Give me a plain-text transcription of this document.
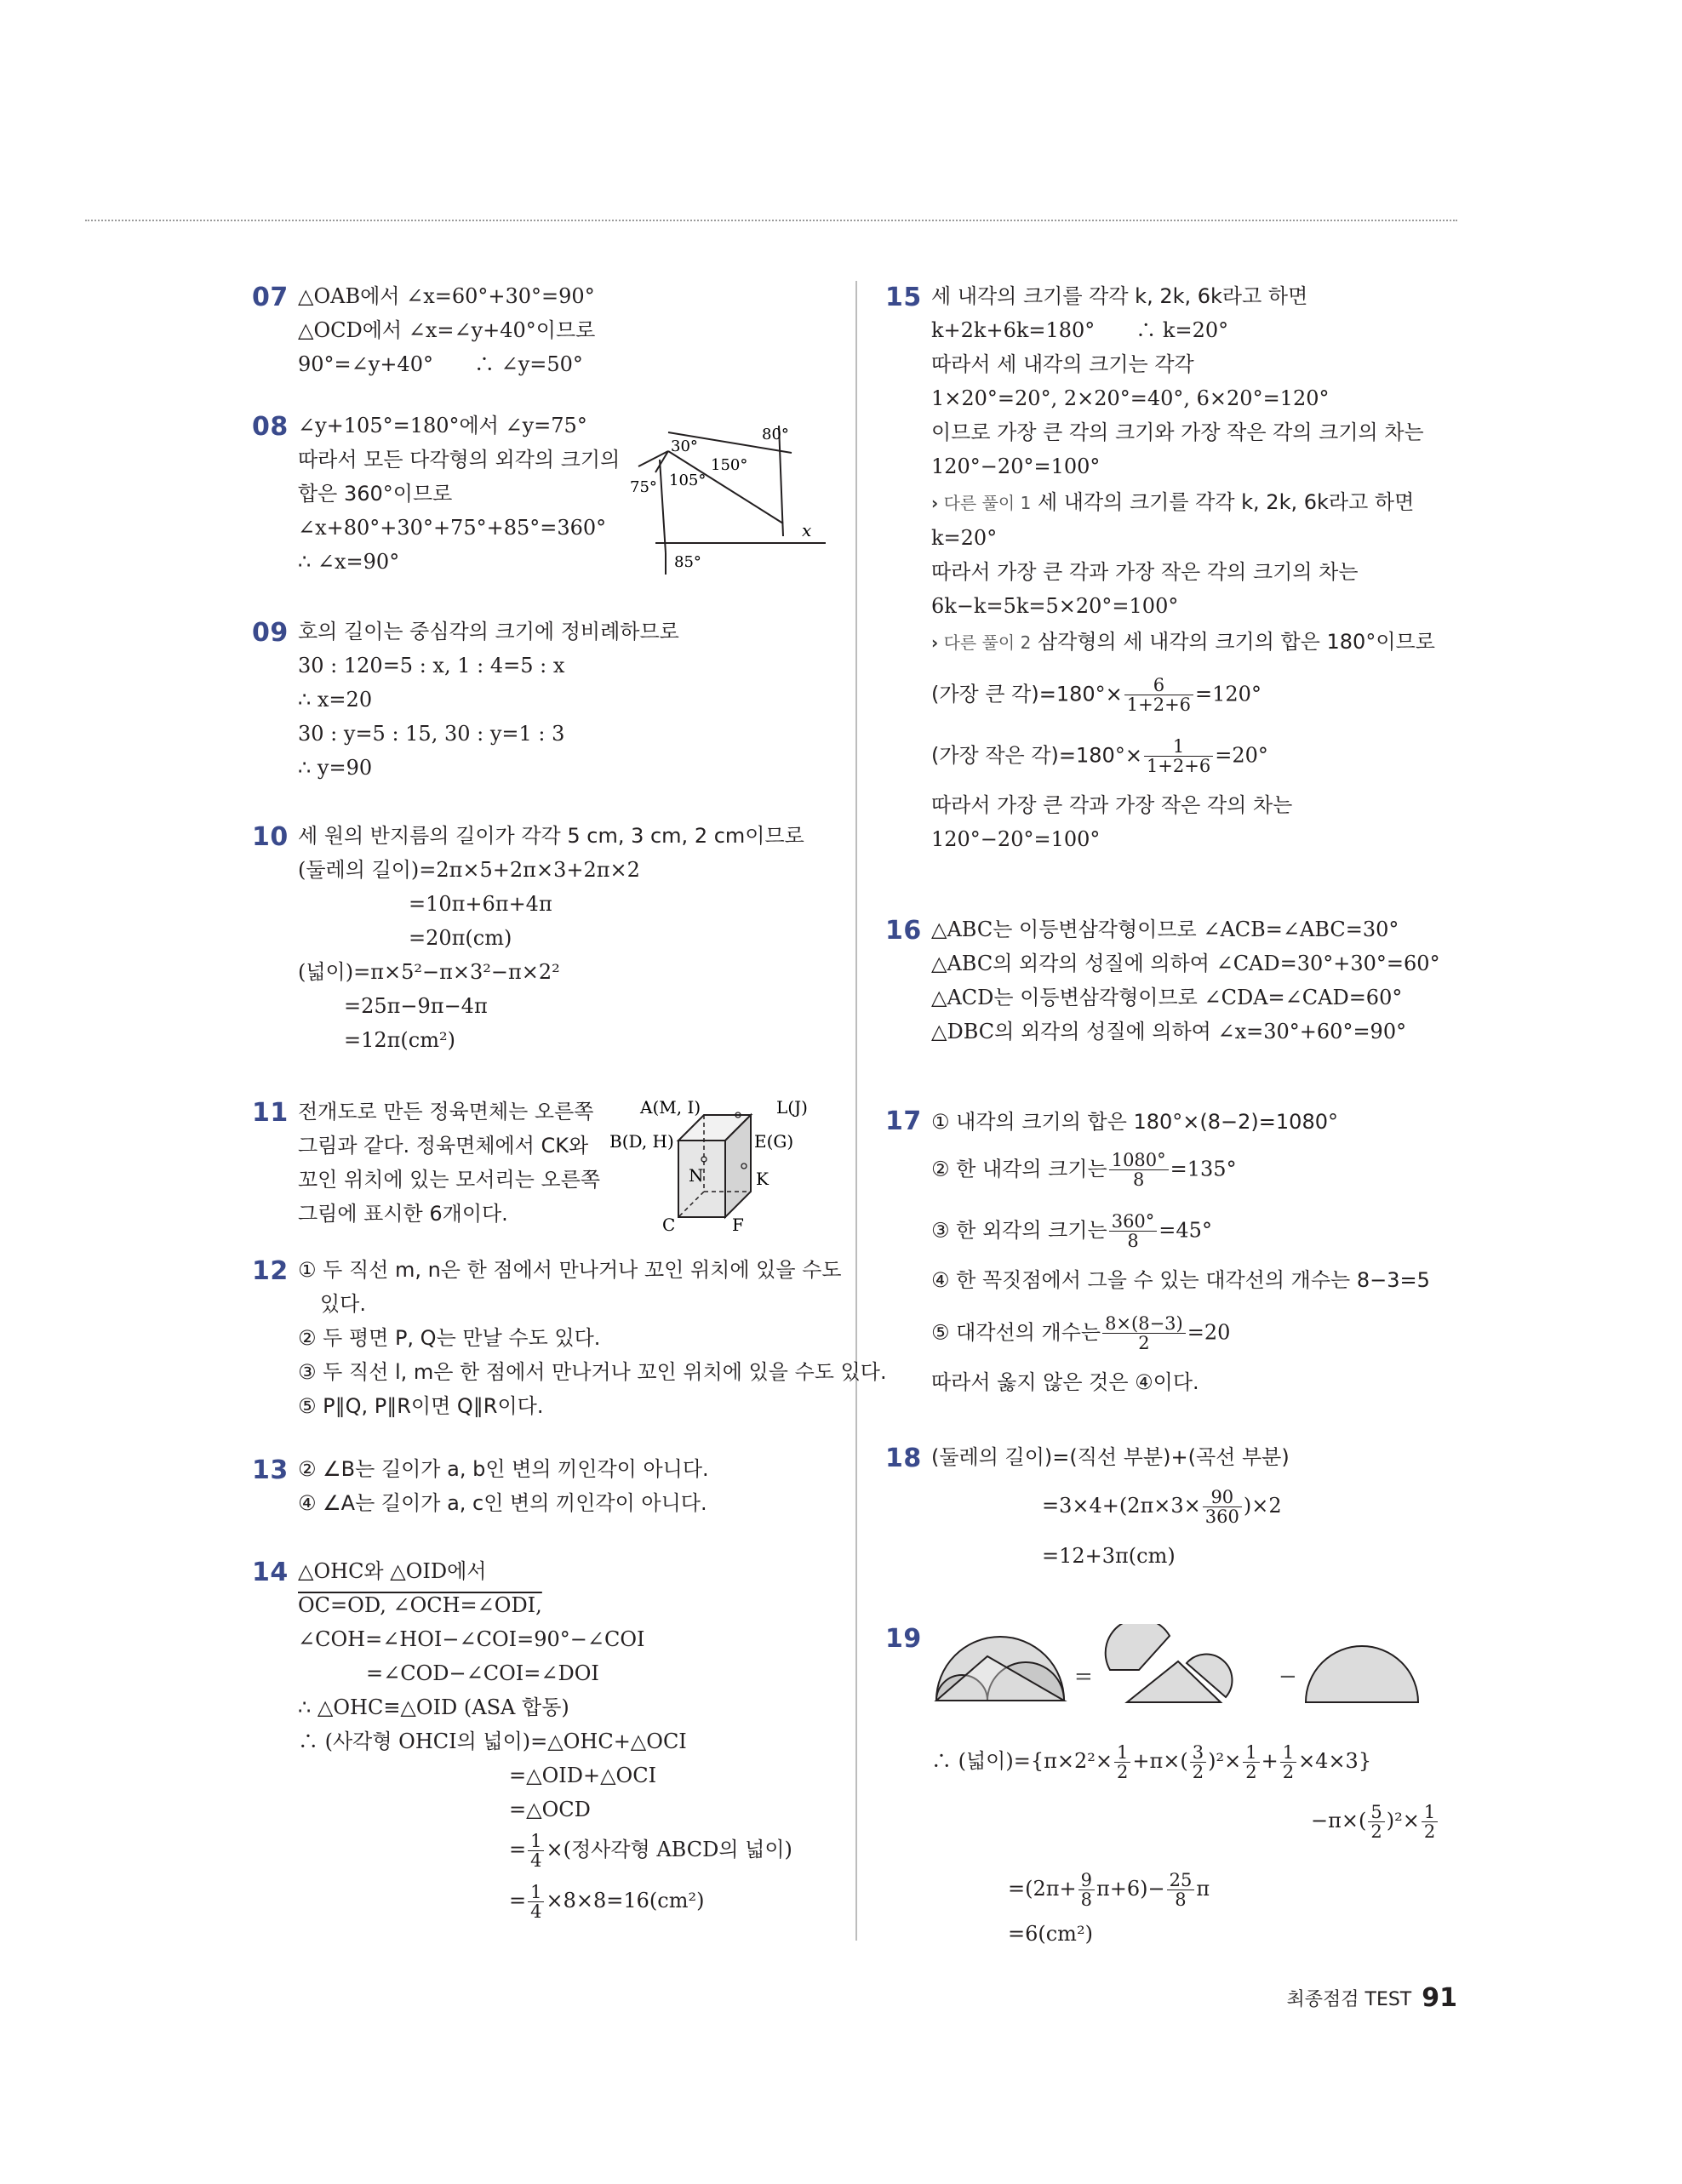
07 △OAB에서 ∠x=60°+30°=90°
△OCD에서 ∠x=∠y+40°이므로
90°=∠y+40°　　∴ ∠y=50°
08 ∠y+105°=180°에서 ∠y=75°
따라서 모든 다각형의 외각의 크기의
합은 360°이므로
∠x+80°+30°+75°+85°=360°
∴ ∠x=90°
30°
80°
150°
75° 105°
x
85°
09 호의 길이는 중심각의 크기에 정비례하므로
30 : 120=5 : x, 1 : 4=5 : x
∴ x=20
30 : y=5 : 15, 30 : y=1 : 3
∴ y=90
10 세 원의 반지름의 길이가 각각 5 cm, 3 cm, 2 cm이므로
(둘레의 길이)=2π×5+2π×3+2π×2
=10π+6π+4π
=20π(cm)
(넓이)=π×5²−π×3²−π×2²
=25π−9π−4π
=12π(cm²)
11 전개도로 만든 정육면체는 오른쪽
그림과 같다. 정육면체에서 CK와
꼬인 위치에 있는 모서리는 오른쪽
그림에 표시한 6개이다.
A(M, I)	L(J)
B(D, H)	E(G)
N	K
C	F
12 ① 두 직선 m, n은 한 점에서 만나거나 꼬인 위치에 있을 수도
있다.
② 두 평면 P, Q는 만날 수도 있다.
③ 두 직선 l, m은 한 점에서 만나거나 꼬인 위치에 있을 수도 있다.
⑤ P∥Q, P∥R이면 Q∥R이다.
13 ② ∠B는 길이가 a, b인 변의 끼인각이 아니다.
④ ∠A는 길이가 a, c인 변의 끼인각이 아니다.
14 △OHC와 △OID에서
OC=OD, ∠OCH=∠ODI,
∠COH=∠HOI−∠COI=90°−∠COI
=∠COD−∠COI=∠DOI
∴ △OHC≡△OID (ASA 합동)
∴ (사각형 OHCI의 넓이)=△OHC+△OCI
=△OID+△OCI
=△OCD
= $\frac{1}{4}$ ×(정사각형 ABCD의 넓이)
= $\frac{1}{4} \times 8\times 8=16(cm^2)$
15 세 내각의 크기를 각각 k, 2k, 6k라고 하면
k+2k+6k=180°　　∴ k=20°
따라서 세 내각의 크기는 각각
1×20°=20°, 2×20°=40°, 6×20°=120°
이므로 가장 큰 각의 크기와 가장 작은 각의 크기의 차는
120°−20°=100°
› 다른 풀이 1 세 내각의 크기를 각각 k, 2k, 6k라고 하면
k=20°
따라서 가장 큰 각과 가장 작은 각의 크기의 차는
6k−k=5k=5×20°=100°
› 다른 풀이 2 삼각형의 세 내각의 크기의 합은 180°이므로
(가장 큰 각)$=180^\circ\times \frac{6}{1+2+6} =120^\circ$
(가장 작은 각)$=180^\circ\times \frac{1}{1+2+6} =20^\circ$
따라서 가장 큰 각과 가장 작은 각의 차는
120°−20°=100°
16 △ABC는 이등변삼각형이므로 ∠ACB=∠ABC=30°
△ABC의 외각의 성질에 의하여 ∠CAD=30°+30°=60°
△ACD는 이등변삼각형이므로 ∠CDA=∠CAD=60°
△DBC의 외각의 성질에 의하여 ∠x=30°+60°=90°
17 ① 내각의 크기의 합은 180°×(8−2)=1080°
② 한 내각의 크기는 $\frac{1080^\circ}{8} =135^\circ$
③ 한 외각의 크기는 $\frac{360^\circ}{8} =45^\circ$
④ 한 꼭짓점에서 그을 수 있는 대각선의 개수는 8−3=5
⑤ 대각선의 개수는 $\frac{8\times(8-3)}{2} =20$
따라서 옳지 않은 것은 ④이다.
18 (둘레의 길이)=(직선 부분)+(곡선 부분)
$=3\times 4+(2\pi\times 3\times \frac{90}{360} )\times 2$
=12+3π(cm)
19
=	−
∴ (넓이)$=\{\pi\times 2^2\times \frac{1}{2} +\pi\times( \frac{3}{2} )^2\times \frac{1}{2} + \frac{1}{2} \times 4\times 3\}$
$-\pi\times( \frac{5}{2} )^2\times \frac{1}{2}$
$=(2\pi+ \frac{9}{8} \pi+6)- \frac{25}{8}$ π
=6(cm²)
최종점검 TEST 91
